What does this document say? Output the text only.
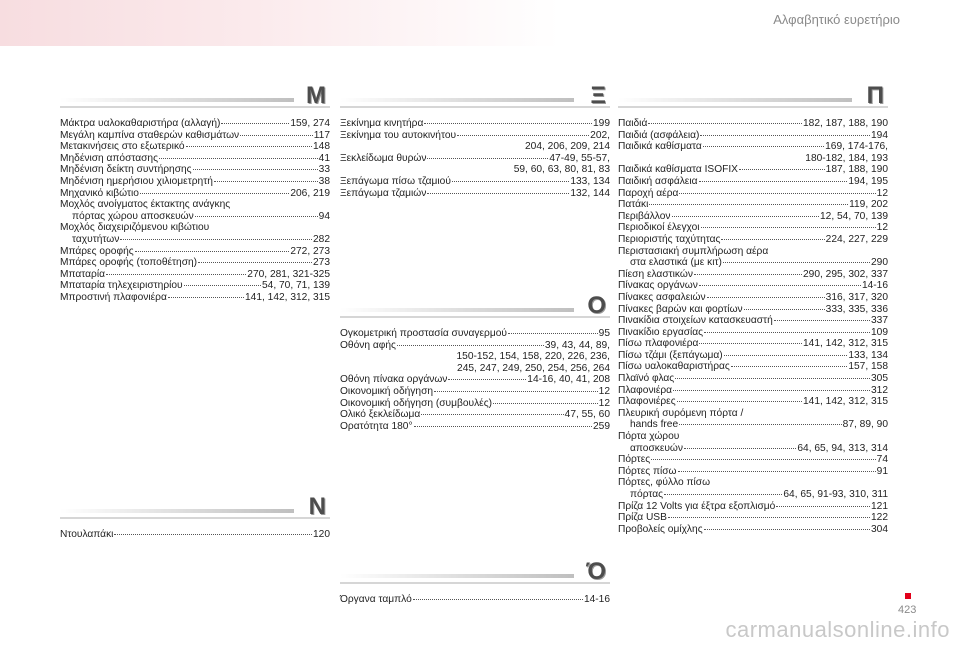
Αλφαβητικό ευρετήριο
M
Μάκτρα υαλοκαθαριστήρα (αλλαγή)	159, 274
Μεγάλη καμπίνα σταθερών καθισμάτων	117
Μετακινήσεις στο εξωτερικό	148
Μηδένιση απόστασης	41
Μηδένιση δείκτη συντήρησης	33
Μηδένιση ημερήσιου χιλιομετρητή	38
Μηχανικό κιβώτιο	206, 219
Μοχλός ανοίγματος έκτακτης ανάγκης
πόρτας χώρου αποσκευών	94
Μοχλός διαχειριζόμενου κιβώτιου
ταχυτήτων	282
Μπάρες οροφής	272, 273
Μπάρες οροφής (τοποθέτηση)	273
Μπαταρία	270, 281, 321-325
Μπαταρία τηλεχειριστηρίου	54, 70, 71, 139
Μπροστινή πλαφονιέρα	141, 142, 312, 315
N
Ντουλαπάκι	120
Ξ
Ξεκίνημα κινητήρα	199
Ξεκίνημα του αυτοκινήτου	202,
204, 206, 209, 214
Ξεκλείδωμα θυρών	47-49, 55-57,
59, 60, 63, 80, 81, 83
Ξεπάγωμα πίσω τζαμιού	133, 134
Ξεπάγωμα τζαμιών	132, 144
O
Ογκομετρική προστασία συναγερμού	95
Οθόνη αφής	39, 43, 44, 89,
150-152, 154, 158, 220, 226, 236,
245, 247, 249, 250, 254, 256, 264
Οθόνη πίνακα οργάνων	14-16, 40, 41, 208
Οικονομική οδήγηση	12
Οικονομική οδήγηση (συμβουλές)	12
Ολικό ξεκλείδωμα	47, 55, 60
Ορατότητα 180°	259
Ό
Όργανα ταμπλό	14-16
Π
Παιδιά	182, 187, 188, 190
Παιδιά (ασφάλεια)	194
Παιδικά καθίσματα	169, 174-176,
180-182, 184, 193
Παιδικά καθίσματα ISOFIX	187, 188, 190
Παιδική ασφάλεια	194, 195
Παροχή αέρα	12
Πατάκι	119, 202
Περιβάλλον	12, 54, 70, 139
Περιοδικοί έλεγχοι	12
Περιοριστής ταχύτητας	224, 227, 229
Περιστασιακή συμπλήρωση αέρα
στα ελαστικά (με κιτ)	290
Πίεση ελαστικών	290, 295, 302, 337
Πίνακας οργάνων	14-16
Πίνακες ασφαλειών	316, 317, 320
Πίνακες βαρών και φορτίων	333, 335, 336
Πινακίδια στοιχείων κατασκευαστή	337
Πινακίδιο εργασίας	109
Πίσω πλαφονιέρα	141, 142, 312, 315
Πίσω τζάμι (ξεπάγωμα)	133, 134
Πίσω υαλοκαθαριστήρας	157, 158
Πλαϊνό φλας	305
Πλαφονιέρα	312
Πλαφονιέρες	141, 142, 312, 315
Πλευρική συρόμενη πόρτα /
hands free	87, 89, 90
Πόρτα χώρου
αποσκευών	64, 65, 94, 313, 314
Πόρτες	74
Πόρτες πίσω	91
Πόρτες, φύλλο πίσω
πόρτας	64, 65, 91-93, 310, 311
Πρίζα 12 Volts για έξτρα εξοπλισμό	121
Πρίζα USB	122
Προβολείς ομίχλης	304
423
carmanualsonline.info
